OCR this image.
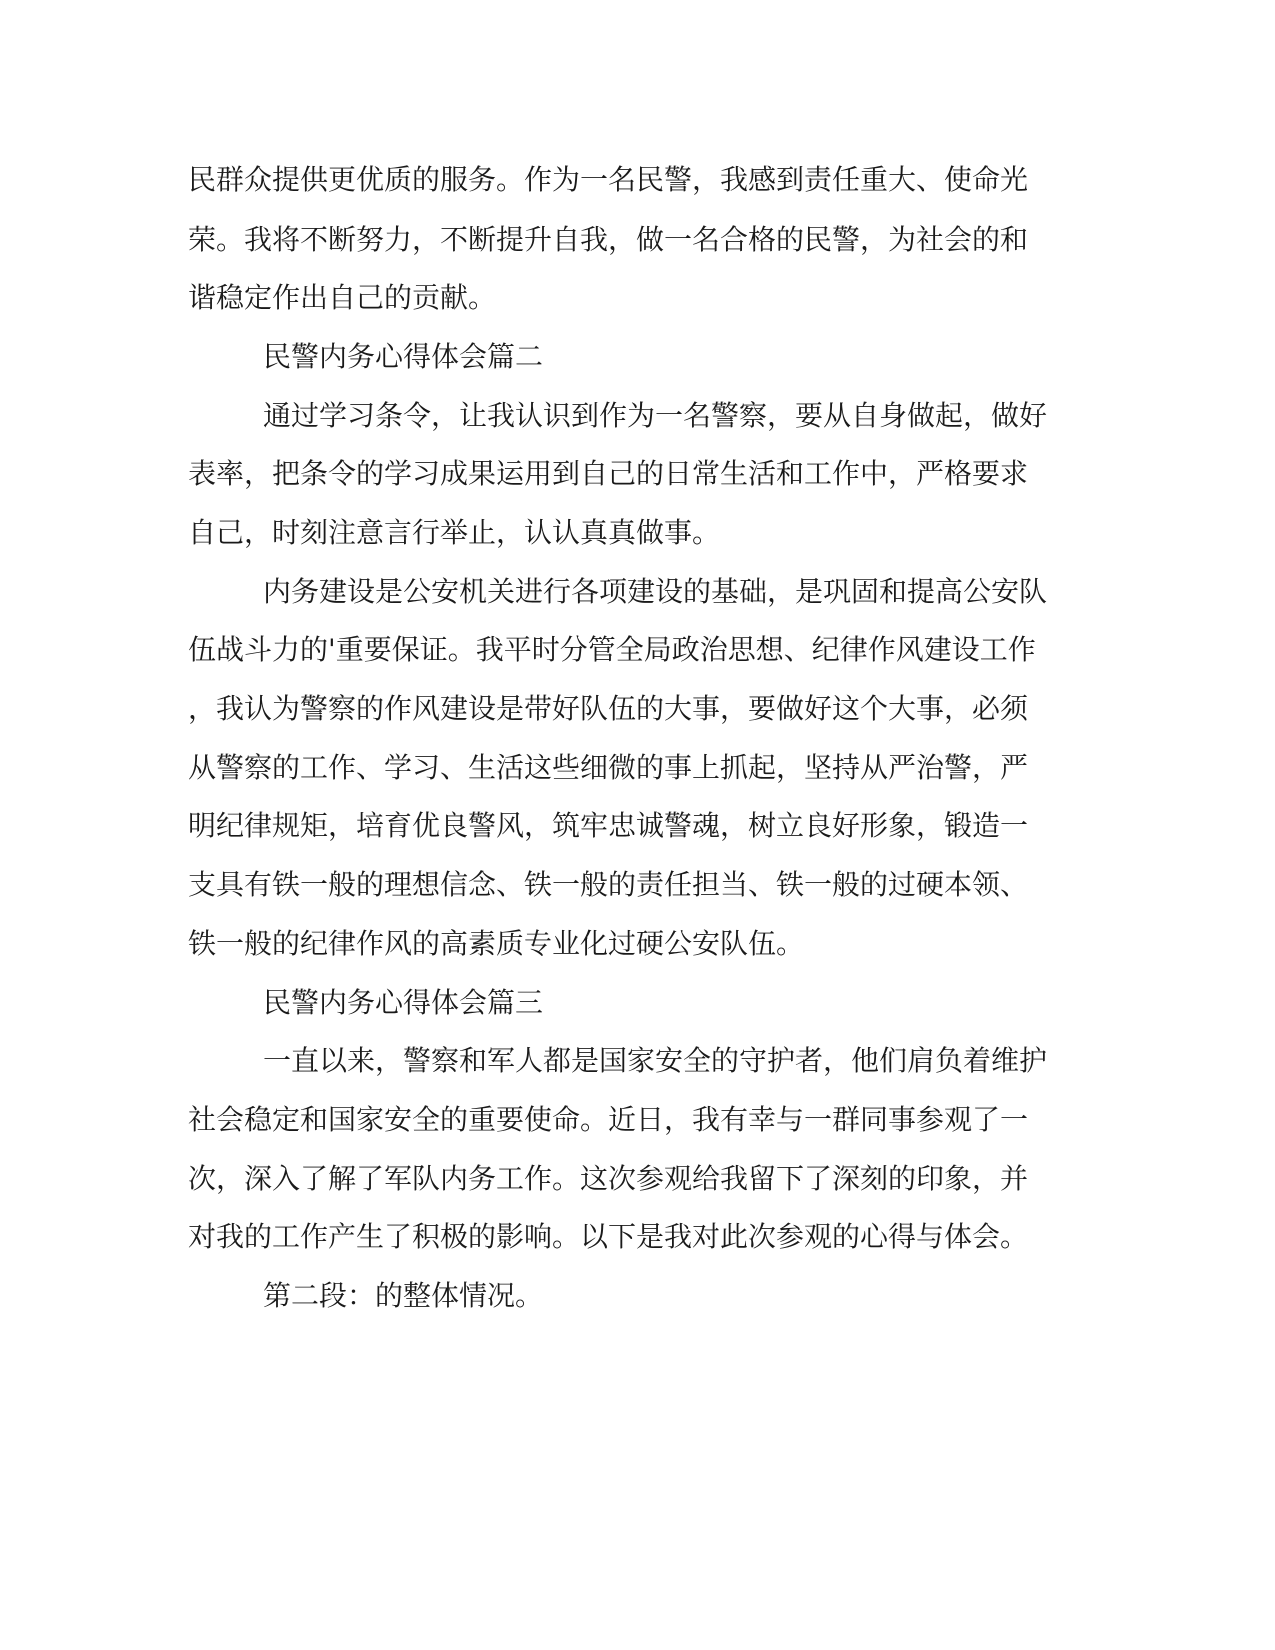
民群众提供更优质的服务。作为一名民警，我感到责任重大、使命光

荣。我将不断努力，不断提升自我，做一名合格的民警，为社会的和

谐稳定作出自己的贡献。

民警内务心得体会篇二

通过学习条令，让我认识到作为一名警察，要从自身做起，做好

表率，把条令的学习成果运用到自己的日常生活和工作中，严格要求

自己，时刻注意言行举止，认认真真做事。

内务建设是公安机关进行各项建设的基础，是巩固和提高公安队

伍战斗力的'重要保证。我平时分管全局政治思想、纪律作风建设工作

，我认为警察的作风建设是带好队伍的大事，要做好这个大事，必须

从警察的工作、学习、生活这些细微的事上抓起，坚持从严治警，严

明纪律规矩，培育优良警风，筑牢忠诚警魂，树立良好形象，锻造一

支具有铁一般的理想信念、铁一般的责任担当、铁一般的过硬本领、

铁一般的纪律作风的高素质专业化过硬公安队伍。

民警内务心得体会篇三

一直以来，警察和军人都是国家安全的守护者，他们肩负着维护

社会稳定和国家安全的重要使命。近日，我有幸与一群同事参观了一

次，深入了解了军队内务工作。这次参观给我留下了深刻的印象，并

对我的工作产生了积极的影响。以下是我对此次参观的心得与体会。

第二段：的整体情况。
